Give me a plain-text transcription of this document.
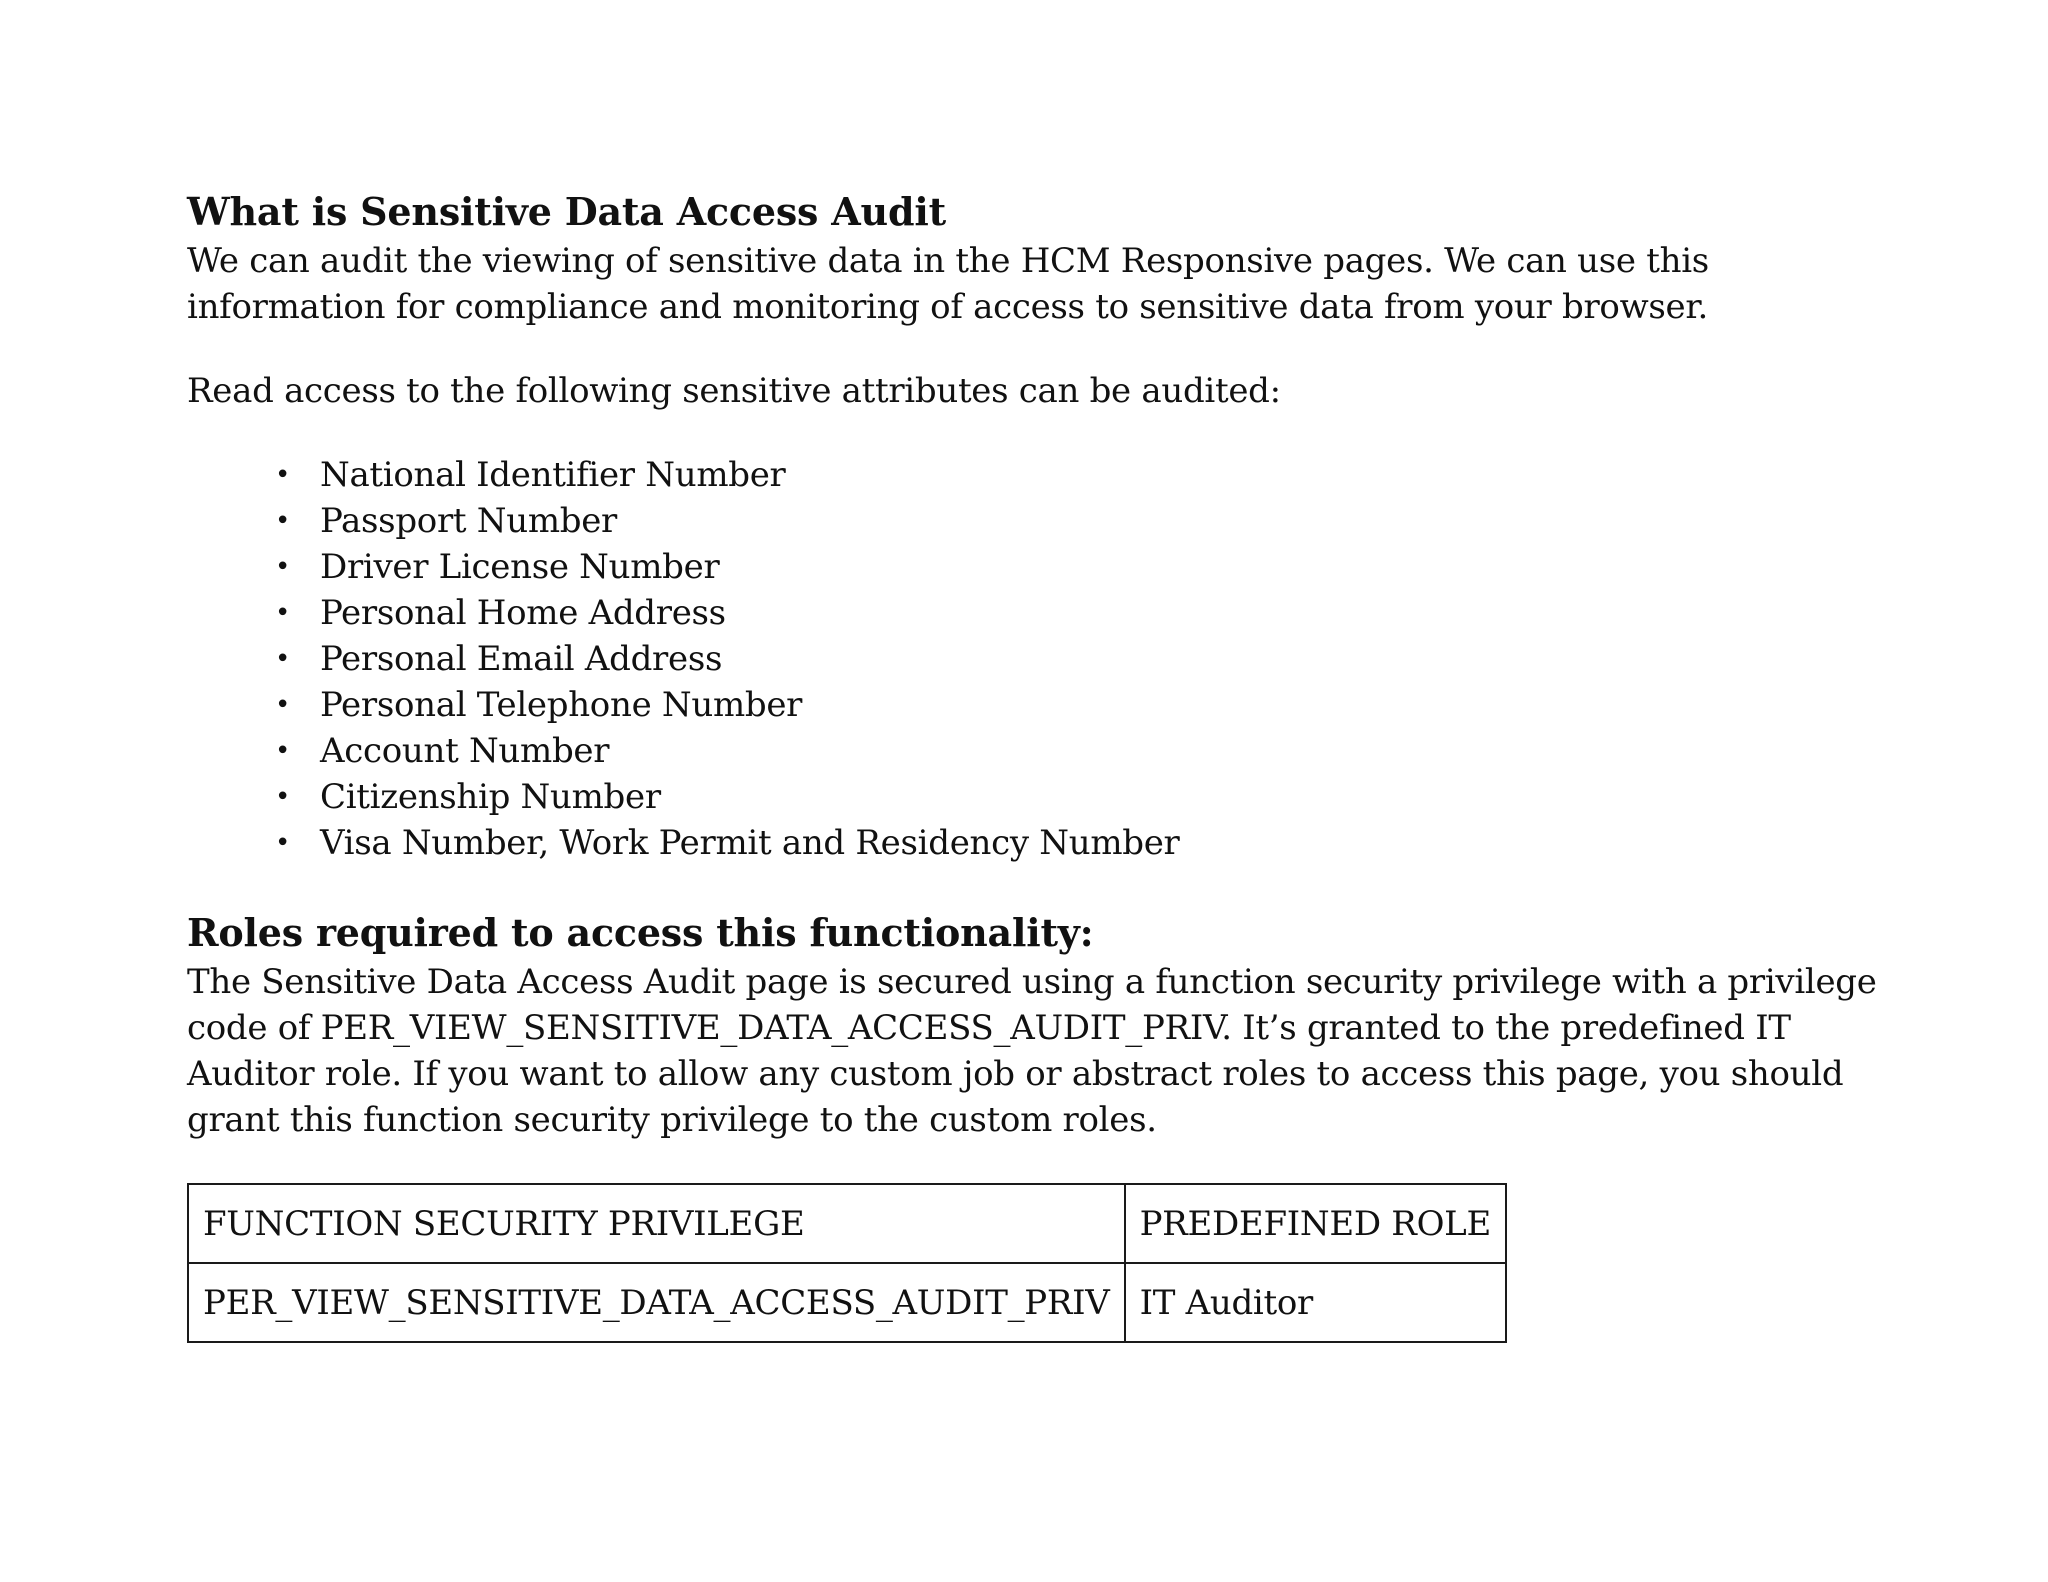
What is Sensitive Data Access Audit

We can audit the viewing of sensitive data in the HCM Responsive pages. We can use this information for compliance and monitoring of access to sensitive data from your browser.

Read access to the following sensitive attributes can be audited:

• National Identifier Number
• Passport Number
• Driver License Number
• Personal Home Address
• Personal Email Address
• Personal Telephone Number
• Account Number
• Citizenship Number
• Visa Number, Work Permit and Residency Number
Roles required to access this functionality:

The Sensitive Data Access Audit page is secured using a function security privilege with a privilege code of PER_VIEW_SENSITIVE_DATA_ACCESS_AUDIT_PRIV. It’s granted to the predefined IT Auditor role. If you want to allow any custom job or abstract roles to access this page, you should grant this function security privilege to the custom roles.

FUNCTION SECURITY PRIVILEGE	PREDEFINED ROLE
PER_VIEW_SENSITIVE_DATA_ACCESS_AUDIT_PRIV	IT Auditor
